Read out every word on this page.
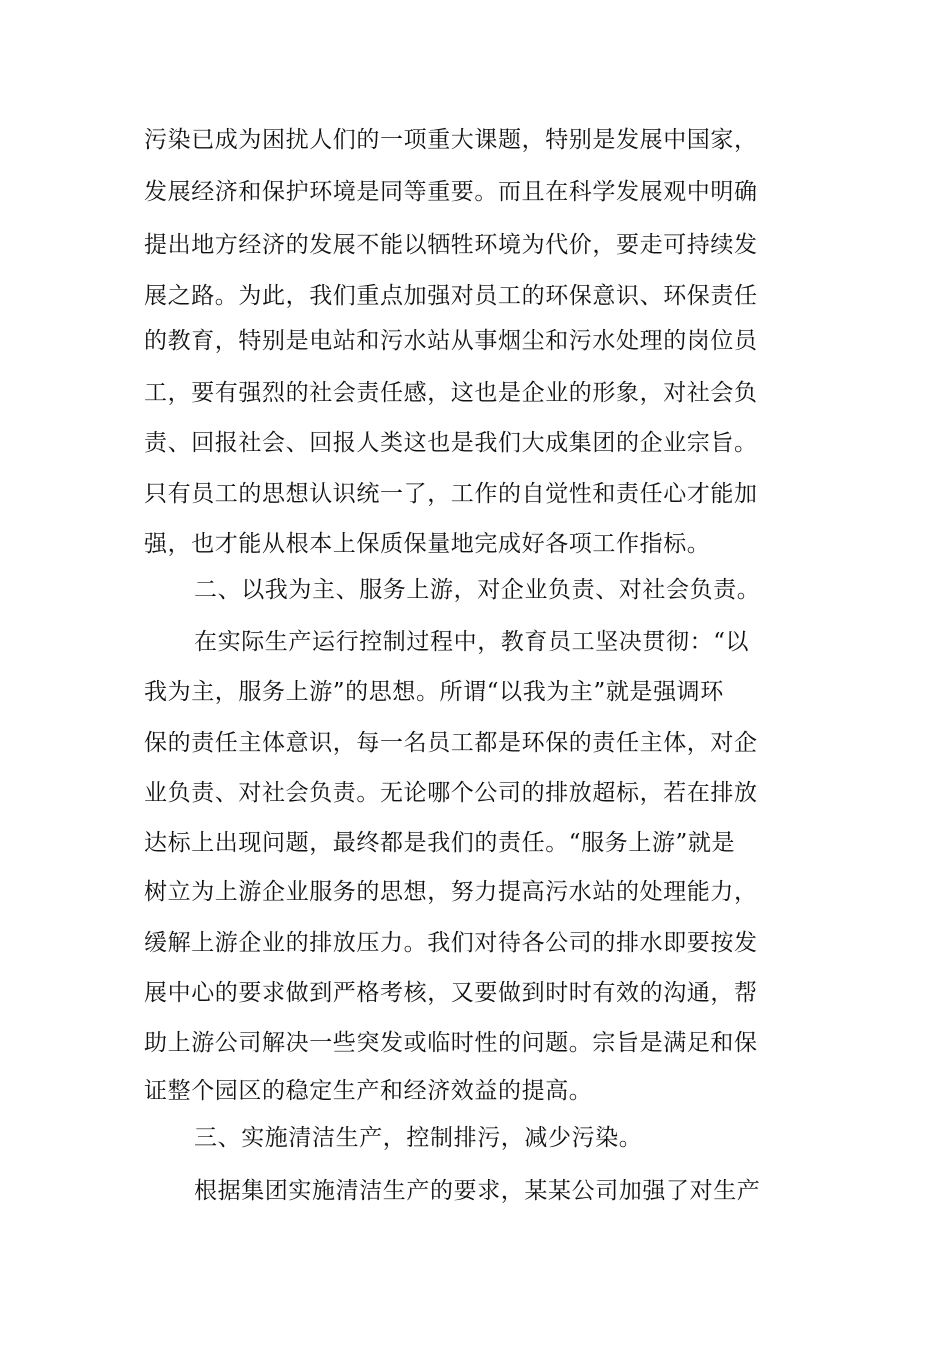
污染已成为困扰人们的一项重大课题，特别是发展中国家，
发展经济和保护环境是同等重要。而且在科学发展观中明确
提出地方经济的发展不能以牺牲环境为代价，要走可持续发
展之路。为此，我们重点加强对员工的环保意识、环保责任
的教育，特别是电站和污水站从事烟尘和污水处理的岗位员
工，要有强烈的社会责任感，这也是企业的形象，对社会负
责、回报社会、回报人类这也是我们大成集团的企业宗旨。
只有员工的思想认识统一了，工作的自觉性和责任心才能加
强，也才能从根本上保质保量地完成好各项工作指标。
二、以我为主、服务上游，对企业负责、对社会负责。
在实际生产运行控制过程中，教育员工坚决贯彻：“以
我为主，服务上游”的思想。所谓“以我为主”就是强调环
保的责任主体意识，每一名员工都是环保的责任主体，对企
业负责、对社会负责。无论哪个公司的排放超标，若在排放
达标上出现问题，最终都是我们的责任。“服务上游”就是
树立为上游企业服务的思想，努力提高污水站的处理能力，
缓解上游企业的排放压力。我们对待各公司的排水即要按发
展中心的要求做到严格考核，又要做到时时有效的沟通，帮
助上游公司解决一些突发或临时性的问题。宗旨是满足和保
证整个园区的稳定生产和经济效益的提高。
三、实施清洁生产，控制排污，减少污染。
根据集团实施清洁生产的要求，某某公司加强了对生产
